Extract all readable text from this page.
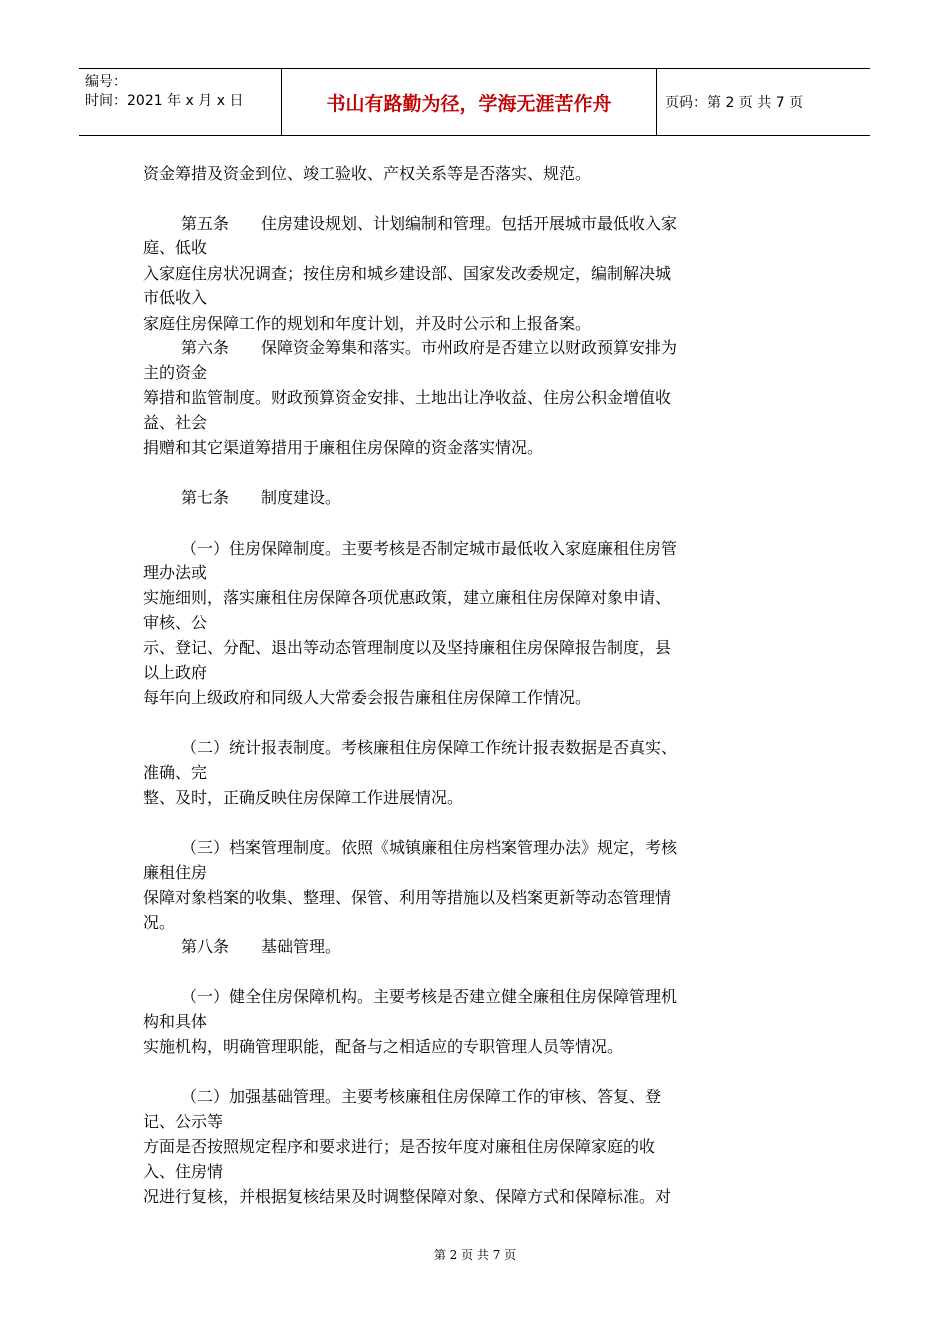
编号：
时间：2021 年 x 月 x 日	书山有路勤为径，学海无涯苦作舟	页码：第 2 页 共 7 页
资金筹措及资金到位、竣工验收、产权关系等是否落实、规范。
第五条　　住房建设规划、计划编制和管理。包括开展城市最低收入家
庭、低收
入家庭住房状况调查；按住房和城乡建设部、国家发改委规定，编制解决城
市低收入
家庭住房保障工作的规划和年度计划，并及时公示和上报备案。
第六条　　保障资金筹集和落实。市州政府是否建立以财政预算安排为
主的资金
筹措和监管制度。财政预算资金安排、土地出让净收益、住房公积金增值收
益、社会
捐赠和其它渠道筹措用于廉租住房保障的资金落实情况。
第七条　　制度建设。
（一）住房保障制度。主要考核是否制定城市最低收入家庭廉租住房管
理办法或
实施细则，落实廉租住房保障各项优惠政策，建立廉租住房保障对象申请、
审核、公
示、登记、分配、退出等动态管理制度以及坚持廉租住房保障报告制度，县
以上政府
每年向上级政府和同级人大常委会报告廉租住房保障工作情况。
（二）统计报表制度。考核廉租住房保障工作统计报表数据是否真实、
准确、完
整、及时，正确反映住房保障工作进展情况。
（三）档案管理制度。依照《城镇廉租住房档案管理办法》规定，考核
廉租住房
保障对象档案的收集、整理、保管、利用等措施以及档案更新等动态管理情
况。
第八条　　基础管理。
（一）健全住房保障机构。主要考核是否建立健全廉租住房保障管理机
构和具体
实施机构，明确管理职能，配备与之相适应的专职管理人员等情况。
（二）加强基础管理。主要考核廉租住房保障工作的审核、答复、登
记、公示等
方面是否按照规定程序和要求进行；是否按年度对廉租住房保障家庭的收
入、住房情
况进行复核，并根据复核结果及时调整保障对象、保障方式和保障标准。对
第 2 页 共 7 页
